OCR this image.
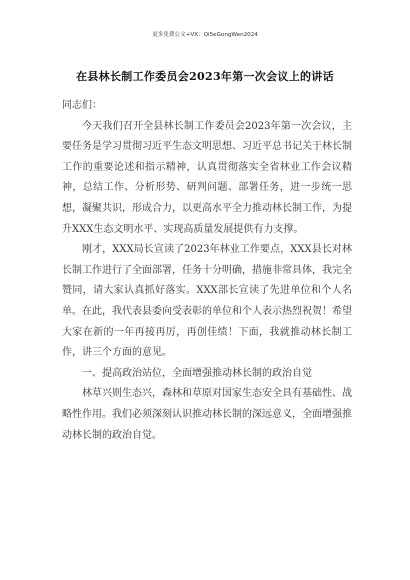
更多免费公文+VX：Qi5eGongWen2024
在县林长制工作委员会2023年第一次会议上的讲话

同志们：

今天我们召开全县林长制工作委员会2023年第一次会议，主要任务是学习贯彻习近平生态文明思想、习近平总书记关于林长制工作的重要论述和指示精神，认真贯彻落实全省林业工作会议精神，总结工作、分析形势、研判问题、部署任务，进一步统一思想，凝聚共识，形成合力，以更高水平全力推动林长制工作，为提升XXX生态文明水平、实现高质量发展提供有力支撑。

刚才，XXX局长宣读了2023年林业工作要点，XXX县长对林长制工作进行了全面部署，任务十分明确，措施非常具体，我完全赞同，请大家认真抓好落实。XXX部长宣读了先进单位和个人名单。在此，我代表县委向受表彰的单位和个人表示热烈祝贺！希望大家在新的一年再接再厉，再创佳绩！下面，我就推动林长制工作，讲三个方面的意见。

一、提高政治站位，全面增强推动林长制的政治自觉

林草兴则生态兴，森林和草原对国家生态安全具有基础性、战略性作用。我们必须深刻认识推动林长制的深远意义，全面增强推动林长制的政治自觉。
